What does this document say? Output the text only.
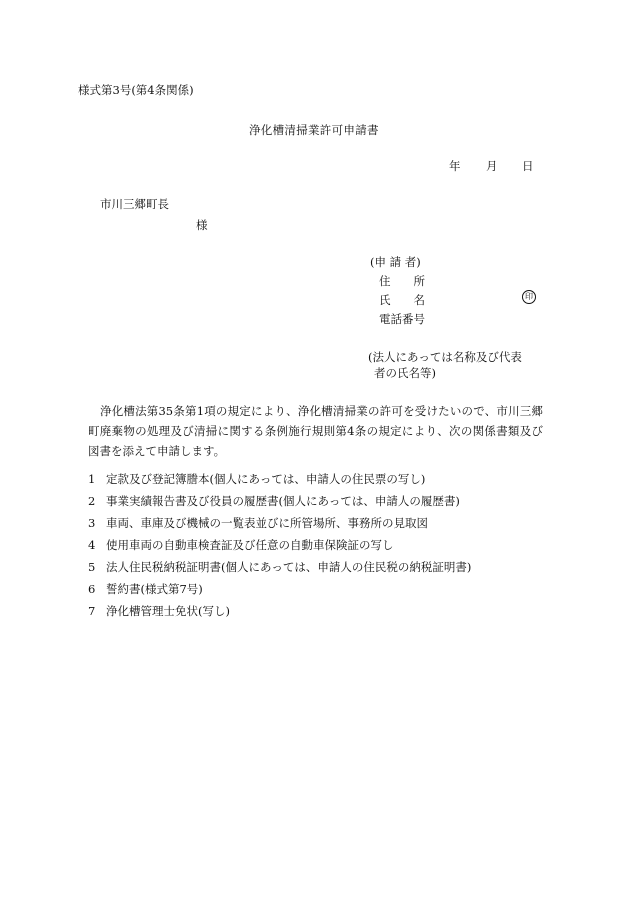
様式第3号(第4条関係)
浄化槽清掃業許可申請書
年 月 日
市川三郷町長
様
(申 請 者)
住　　所
氏　　名
電話番号
印
(法人にあっては名称及び代表
者の氏名等)
浄化槽法第35条第1項の規定により、浄化槽清掃業の許可を受けたいので、市川三郷町廃棄物の処理及び清掃に関する条例施行規則第4条の規定により、次の関係書類及び図書を添えて申請します。
1 定款及び登記簿謄本(個人にあっては、申請人の住民票の写し)
2 事業実績報告書及び役員の履歴書(個人にあっては、申請人の履歴書)
3 車両、車庫及び機械の一覧表並びに所管場所、事務所の見取図
4 使用車両の自動車検査証及び任意の自動車保険証の写し
5 法人住民税納税証明書(個人にあっては、申請人の住民税の納税証明書)
6 誓約書(様式第7号)
7 浄化槽管理士免状(写し)
